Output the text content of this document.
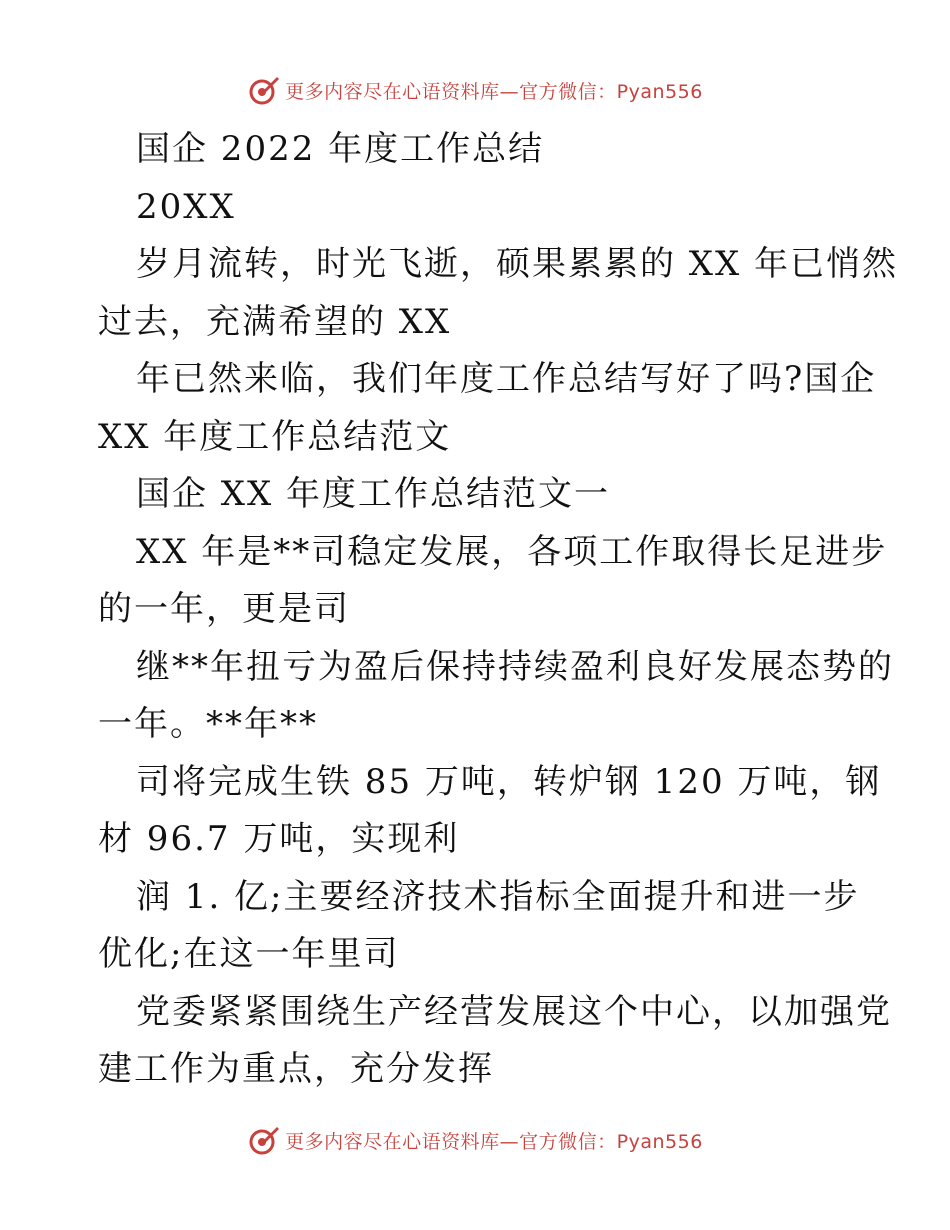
更多内容尽在心语资料库—官方微信：Pyan556

国企 2022 年度工作总结

20XX

岁月流转，时光飞逝，硕果累累的 XX 年已悄然

过去，充满希望的 XX

年已然来临，我们年度工作总结写好了吗?国企

XX 年度工作总结范文

国企 XX 年度工作总结范文一

XX 年是**司稳定发展，各项工作取得长足进步

的一年，更是司

继**年扭亏为盈后保持持续盈利良好发展态势的

一年。**年**

司将完成生铁 85 万吨，转炉钢 120 万吨，钢

材 96.7 万吨，实现利

润 1. 亿;主要经济技术指标全面提升和进一步

优化;在这一年里司

党委紧紧围绕生产经营发展这个中心，以加强党

建工作为重点，充分发挥

更多内容尽在心语资料库—官方微信：Pyan556
